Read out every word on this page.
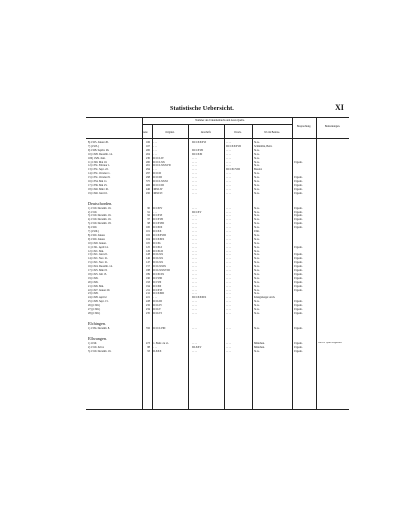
Statistische Uebersicht.	XI
Nummer des Urkundenbuchs und deren Quelle.
Seite	Original.	Abschrift.	Druck.	Wo im Besitze.
Besprechung.	Bemerkungen.
8) 1325. Januar 20.	166 . . . .	DCCXXXVI	. . . .	St.A.
7) (1325.)	167 . . . .	DCCXXXVII	Schmidlin, Beitr.
9) 1328. Septbr. 26.	200 . . . .	DCCXVII	. . . .	St.A.
10) 1328. Decemb. 14.	204 . . . .	DCCXXI	. . . .	St.A.
100) 1329. Juni.	230 DCCCLIV	. . . .	. . . .	St.A.
11) 1329. Mai 10.	260 DCCCLXX	. . . .	. . . .	St.A.	Urgede.
12) 1331. Februar 1.	261 DCCCLXXXVII	. . . .	. . . .	St.A.
13) 1331. Sept. 22.	294 . . . .	. . . .	DCCXCVIII	Besold.
14) 1331. October 1.	297 DCCCII	. . . .	. . . .	St.A.
15) 1331. October 8.	298 DCCCIII	. . . .	. . . .	St.A.	Urgede.
16) 1334. Mai 11.	375 DCCCLXXXI	. . . .	. . . .	St.A.	Urgede.
17) 1336. Mai 25.	406 DCCCCIII	. . . .	. . . .	St.A.	Urgede.
18) 1340. März 10.	446 CMXLIV	. . . .	. . . .	St.A.	Urgede.
19) 1340. Juni 16.	450 CMXLVI	. . . .	. . . .	St.A.	Urgede.
Deutschorden.
1) 1319. Decemb. 16.	90 DCCXIV	. . . .	. . . .	St.A.	Urgede.
2) 1319.	91 . . . .	DCCXV	. . . .	St.A.	Urgede.
3) 1319. Decemb. 16.	92 DCCXVI	. . . .	. . . .	St.A.	Urgede.
4) 1319. Decemb. 16.	97 DCCXVII	. . . .	. . . .	St.A.	Urgede.
5) 1319. Decemb. 18.	98 DCCXVIII	. . . .	. . . .	St.A.	Urgede.
6) 1320.	100 DCCXIX	. . . .	. . . .	St.A.	Urgede.
7) (1320.)	101 DCCXX	. . . .	. . . .	Ulm.
8) 1320. Januar.	102 DCCXXVIII	. . . .	. . . .	St.A.
9) 1320. Januar.	104 DCCXXIX	. . . .	. . . .	St.A.
10) 1320. Januar.	105 DCCXL	. . . .	. . . .	St.A.
11) 1321. April 14.	125 DCCXLI	. . . .	. . . .	St.A.	Urgede.
12) 1321. Mai.	126 DCCXLII	. . . .	. . . .	St.A.
13) 1321. Juni 22.	128 DCCLXX	. . . .	. . . .	St.A.	Urgede.
14) 1321. Nov. 21.	146 DCCLXX	. . . .	. . . .	St.A.	Urgede.
15) 1321. Nov. 21.	147 DCCLXX	. . . .	. . . .	St.A.	Urgede.
16) 1324. Decemb. 14.	157 DCCLXXIX	. . . .	. . . .	St.A.	Urgede.
17) 1325. März 8.	188 DCCLXXXVIII	. . . .	. . . .	St.A.	Urgede.
18) 1325. Juli 13.	189 DCCXCIX	. . . .	. . . .	St.A.	Urgede.
19) 1326.	190 DCCVIII	. . . .	. . . .	St.A.	Urgede.
20) 1326.	193 DCCVII	. . . .	. . . .	St.A.	Urgede.
21) 1326. Mai.	194 DCCXII	. . . .	. . . .	St.A.	Urgede.
22) 1327. Januar 29.	211 DCCXVI	. . . .	. . . .	St.A.	Urgede.
23) 1328.	212 DCCXXIII	. . . .	. . . .	St.A.
24) 1328. April 2.	221 . . . .	DCCXXXIX	. . . .	Königsberger Arch.
25) 1328. Sept. 15.	228 DCCLIII	. . . .	. . . .	St.A.	Urgede.
26) (1329.)	232 DCCLIV	. . . .	. . . .	St.A.	Urgede.
27) (1329.)	234 DCCLV	. . . .	. . . .	St.A.	Urgede.
28) (1329.)	235 DCCLVI	. . . .	. . . .	St.A.	Urgede.
Elchingen.
1) 1334. Decemb. 8.	356 DCCCLVIII	. . . .	. . . .	St.A.	Urgede.
Ellwangen.
1) 1190.	473 11. Beitr. zu i.1.	. . . .	. . . .	München.	Urgede.	Von Dr. Tycho verglichen.
2) 1319. Juli 4.	88 . . . .	DLXXV	. . . .	München.	Urgede.
3) 1319. Decemb. 16.	93 DLXXX	. . . .	. . . .	St.A.	Urgede.
